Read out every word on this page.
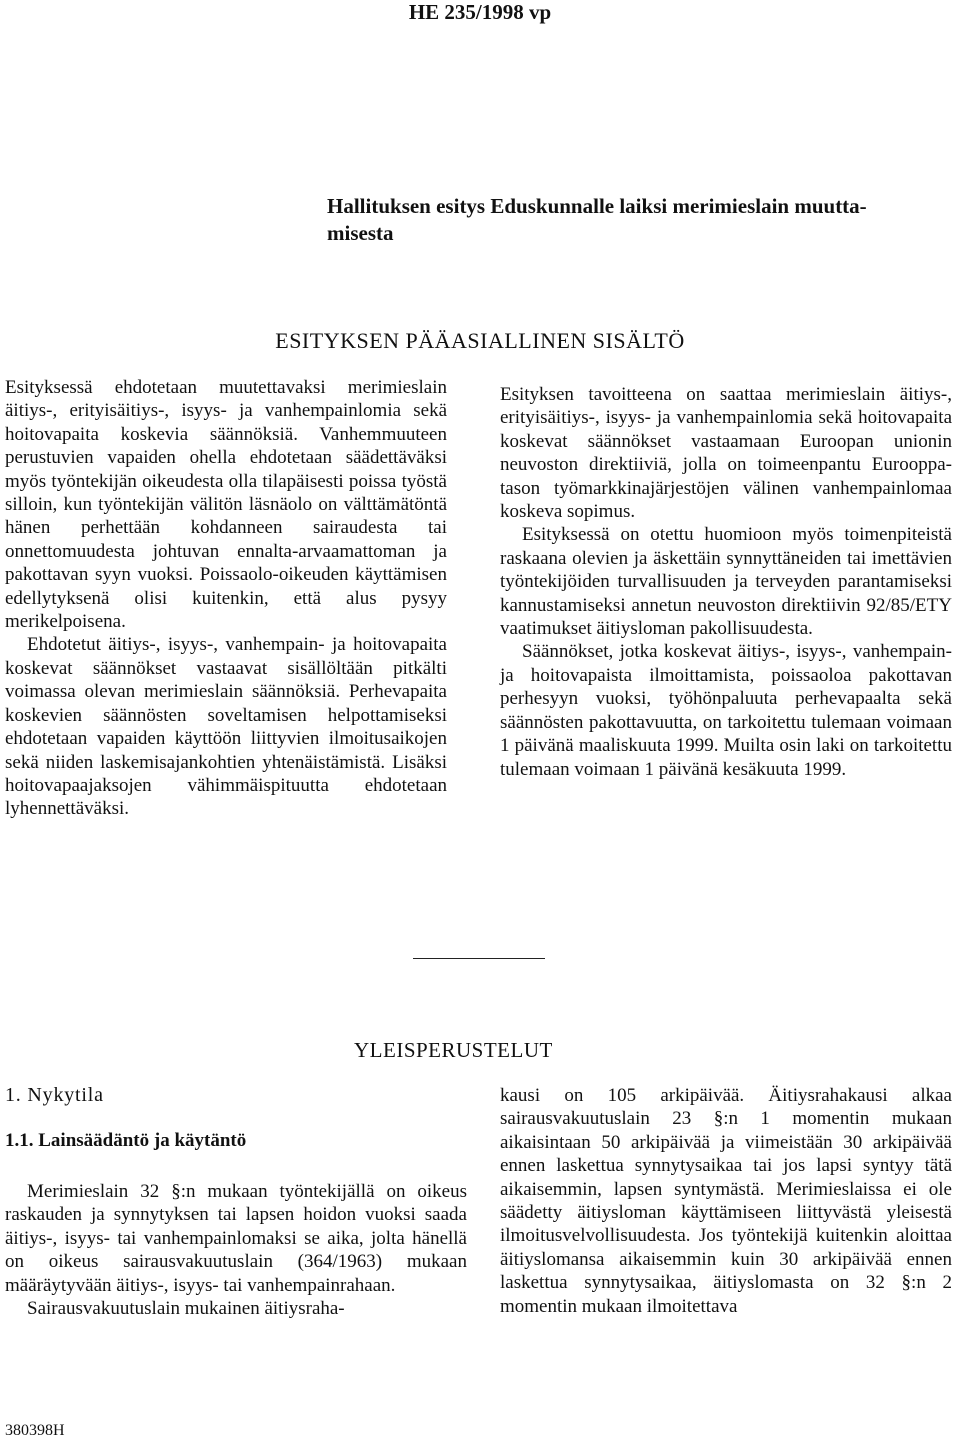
HE 235/1998 vp
Hallituksen esitys Eduskunnalle laiksi merimieslain muutta-
misesta
ESITYKSEN PÄÄASIALLINEN SISÄLTÖ

Esityksessä ehdotetaan muutettavaksi merimieslain äitiys-, erityisäitiys-, isyys- ja vanhempainlomia sekä hoitovapaita koskevia säännöksiä. Vanhemmuuteen perustuvien vapaiden ohella ehdotetaan säädettäväksi myös työntekijän oikeudesta olla tilapäisesti poissa työstä silloin, kun työntekijän välitön läsnäolo on välttämätöntä hänen perhettään kohdanneen sairaudesta tai onnettomuudesta johtuvan ennalta-arvaamattoman ja pakottavan syyn vuoksi. Poissaolo-oikeuden käyttämisen edellytyksenä olisi kuitenkin, että alus pysyy merikelpoisena.

Ehdotetut äitiys-, isyys-, vanhempain- ja hoitovapaita koskevat säännökset vastaavat sisällöltään pitkälti voimassa olevan merimieslain säännöksiä. Perhevapaita koskevien säännösten soveltamisen helpottamiseksi ehdotetaan vapaiden käyttöön liittyvien ilmoitusaikojen sekä niiden laskemisajankohtien yhtenäistämistä. Lisäksi hoitovapaajaksojen vähimmäispituutta ehdotetaan lyhennettäväksi.

Esityksen tavoitteena on saattaa merimieslain äitiys-, erityisäitiys-, isyys- ja vanhempainlomia sekä hoitovapaita koskevat säännökset vastaamaan Euroopan unionin neuvoston direktiiviä, jolla on toimeenpantu Eurooppa-tason työmarkkinajärjestöjen välinen vanhempainlomaa koskeva sopimus.

Esityksessä on otettu huomioon myös toimenpiteistä raskaana olevien ja äskettäin synnyttäneiden tai imettävien työntekijöiden turvallisuuden ja terveyden parantamiseksi kannustamiseksi annetun neuvoston direktiivin 92/85/ETY vaatimukset äitiysloman pakollisuudesta.

Säännökset, jotka koskevat äitiys-, isyys-, vanhempain- ja hoitovapaista ilmoittamista, poissaoloa pakottavan perhesyyn vuoksi, työhönpaluuta perhevapaalta sekä säännösten pakottavuutta, on tarkoitettu tulemaan voimaan 1 päivänä maaliskuuta 1999. Muilta osin laki on tarkoitettu tulemaan voimaan 1 päivänä kesäkuuta 1999.

YLEISPERUSTELUT
1. Nykytila
1.1. Lainsäädäntö ja käytäntö

Merimieslain 32 §:n mukaan työntekijällä on oikeus raskauden ja synnytyksen tai lapsen hoidon vuoksi saada äitiys-, isyys- tai vanhempainlomaksi se aika, jolta hänellä on oikeus sairausvakuutuslain (364/1963) mukaan määräytyvään äitiys-, isyys- tai vanhempainrahaan.

Sairausvakuutuslain mukainen äitiysraha-

kausi on 105 arkipäivää. Äitiysrahakausi alkaa sairausvakuutuslain 23 §:n 1 momentin mukaan aikaisintaan 50 arkipäivää ja viimeistään 30 arkipäivää ennen laskettua synnytysaikaa tai jos lapsi syntyy tätä aikaisemmin, lapsen syntymästä. Merimieslaissa ei ole säädetty äitiysloman käyttämiseen liittyvästä yleisestä ilmoitusvelvollisuudesta. Jos työntekijä kuitenkin aloittaa äitiyslomansa aikaisemmin kuin 30 arkipäivää ennen laskettua synnytysaikaa, äitiyslomasta on 32 §:n 2 momentin mukaan ilmoitettava

380398H
